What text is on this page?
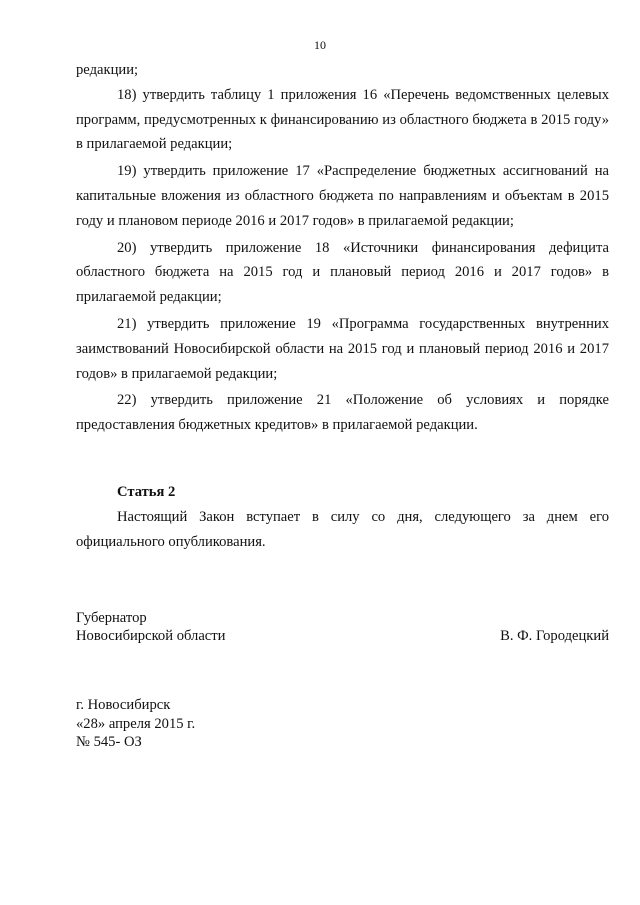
10

редакции;

18) утвердить таблицу 1 приложения 16 «Перечень ведомственных целевых программ, предусмотренных к финансированию из областного бюджета в 2015 году» в прилагаемой редакции;

19) утвердить приложение 17 «Распределение бюджетных ассигнований на капитальные вложения из областного бюджета по направлениям и объектам в 2015 году и плановом периоде 2016 и 2017 годов» в прилагаемой редакции;

20) утвердить приложение 18 «Источники финансирования дефицита областного бюджета на 2015 год и плановый период 2016 и 2017 годов» в прилагаемой редакции;

21) утвердить приложение 19 «Программа государственных внутренних заимствований Новосибирской области на 2015 год и плановый период 2016 и 2017 годов» в прилагаемой редакции;

22) утвердить приложение 21 «Положение об условиях и порядке предоставления бюджетных кредитов» в прилагаемой редакции.

Статья 2

Настоящий Закон вступает в силу со дня, следующего за днем его официального опубликования.

Губернатор
Новосибирской области	В. Ф. Городецкий
г. Новосибирск
«28» апреля 2015 г.
№ 545- ОЗ
